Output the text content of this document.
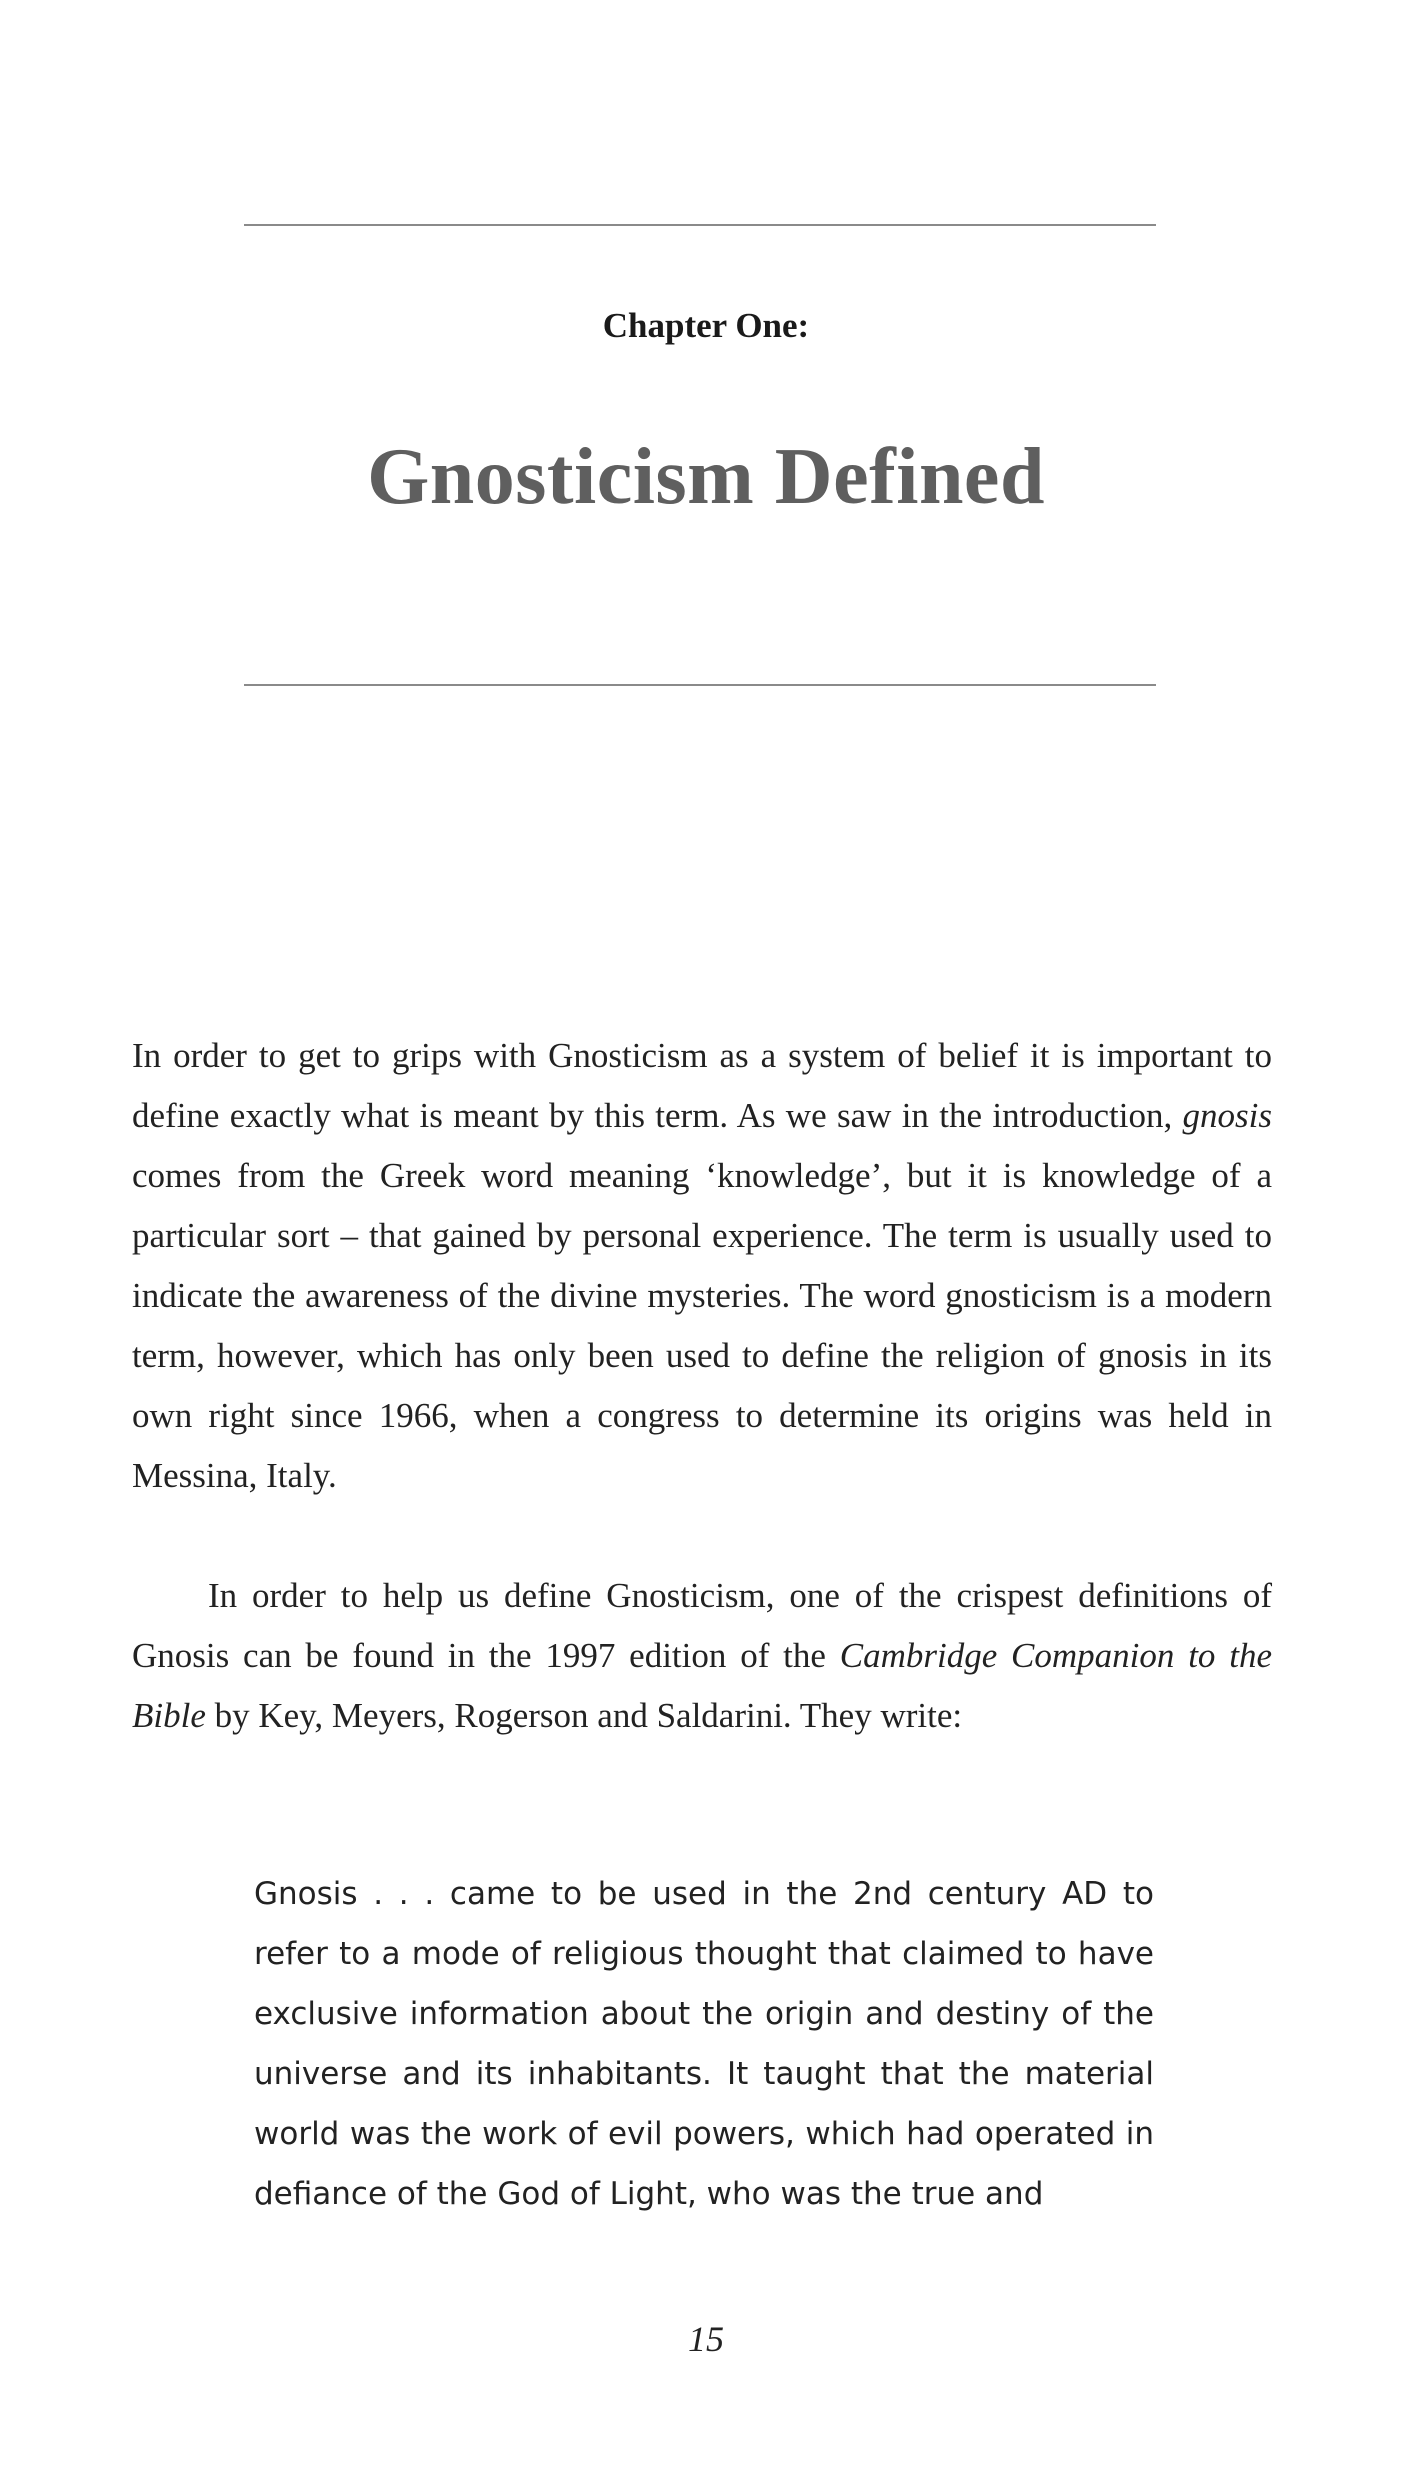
Chapter One:
Gnosticism Defined

In order to get to grips with Gnosticism as a system of belief it is important to define exactly what is meant by this term. As we saw in the introduction, gnosis comes from the Greek word meaning ‘knowledge’, but it is knowledge of a particular sort – that gained by personal experience. The term is usually used to indicate the awareness of the divine mysteries. The word gnosticism is a modern term, however, which has only been used to define the religion of gnosis in its own right since 1966, when a congress to determine its origins was held in Messina, Italy.

In order to help us define Gnosticism, one of the crispest definitions of Gnosis can be found in the 1997 edition of the Cambridge Companion to the Bible by Key, Meyers, Rogerson and Saldarini. They write:

Gnosis . . . came to be used in the 2nd century AD to refer to a mode of religious thought that claimed to have exclusive information about the origin and destiny of the universe and its inhabitants. It taught that the material world was the work of evil powers, which had operated in defiance of the God of Light, who was the true and

15
